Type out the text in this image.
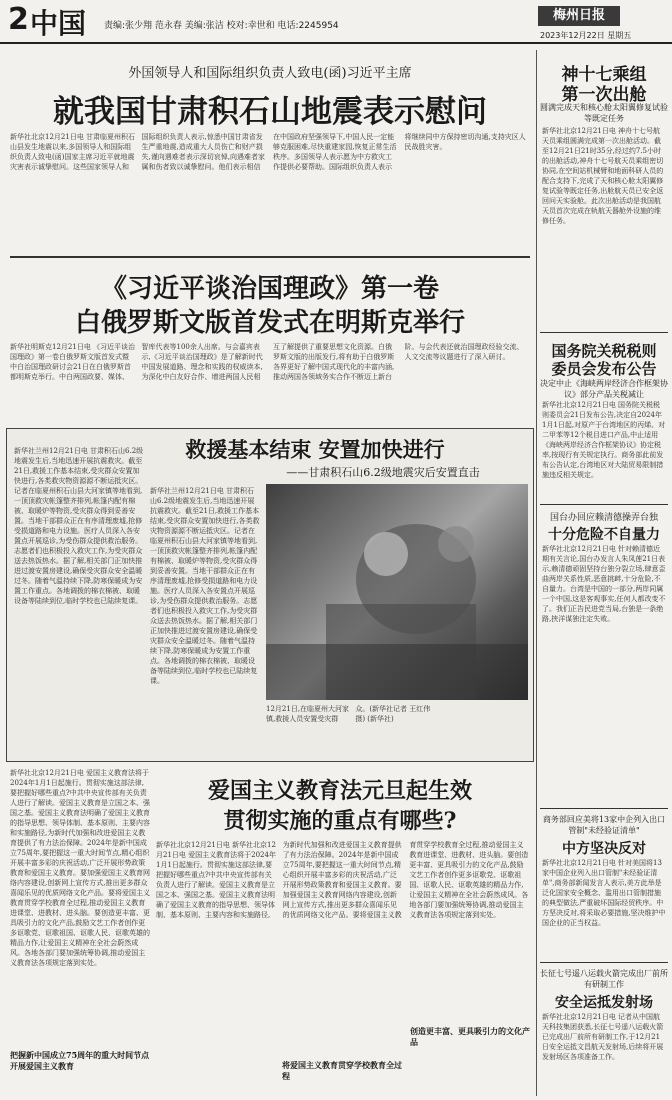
2 中国 责编:张少翔 范永春 美编:张洁 校对:幸世和 电话:2245954
梅州日报
2023年12月22日 星期五
外国领导人和国际组织负责人致电(函)习近平主席
就我国甘肃积石山地震表示慰问
新华社北京12月21日电 甘肃临夏州积石山县发生地震以来,多国领导人和国际组织负责人致电(函)国家主席习近平就地震灾害表示诚挚慰问。这些国家领导人和国际组织负责人表示,惊悉中国甘肃省发生严重地震,造成重大人员伤亡和财产损失,谨向遇难者表示深切哀悼,向遇难者家属和伤者致以诚挚慰问。他们表示相信在中国政府坚强领导下,中国人民一定能够克服困难,尽快重建家园,恢复正常生活秩序。多国领导人表示愿为中方救灾工作提供必要帮助。国际组织负责人表示将继续同中方保持密切沟通,支持灾区人民战胜灾害。
《习近平谈治国理政》第一卷
白俄罗斯文版首发式在明斯克举行
新华社明斯克12月21日电 《习近平谈治国理政》第一卷白俄罗斯文版首发式暨中白治国理政研讨会21日在白俄罗斯首都明斯克举行。中白两国政要、媒体、智库代表等100余人出席。与会嘉宾表示,《习近平谈治国理政》是了解新时代中国发展道路、理念和实践的权威读本,为深化中白友好合作、增进两国人民相互了解提供了重要思想文化资源。白俄罗斯文版的出版发行,将有助于白俄罗斯各界更好了解中国式现代化的丰富内涵,推动两国各领域务实合作不断迈上新台阶。与会代表还就治国理政经验交流、人文交流等议题进行了深入研讨。
救援基本结束 安置加快进行
——甘肃积石山6.2级地震灾后安置直击
新华社兰州12月21日电 甘肃积石山6.2级地震发生后,当地迅速开展抗震救灾。截至21日,救援工作基本结束,受灾群众安置加快进行,各类救灾物资源源不断运抵灾区。记者在临夏州积石山县大河家镇等地看到,一顶顶救灾帐篷整齐排列,帐篷内配有棉被、取暖炉等物资,受灾群众得到妥善安置。当地干部群众正在有序清理废墟,抢修受损道路和电力设施。医疗人员深入各安置点开展巡诊,为受伤群众提供救治服务。志愿者们也积极投入救灾工作,为受灾群众送去热饭热水。据了解,相关部门正加快推进过渡安置房建设,确保受灾群众安全温暖过冬。随着气温持续下降,防寒保暖成为安置工作重点。各地调拨的棉衣棉被、取暖设备等陆续到位,临时学校也已陆续复课。
新华社兰州12月21日电 甘肃积石山6.2级地震发生后,当地迅速开展抗震救灾。截至21日,救援工作基本结束,受灾群众安置加快进行,各类救灾物资源源不断运抵灾区。记者在临夏州积石山县大河家镇等地看到,一顶顶救灾帐篷整齐排列,帐篷内配有棉被、取暖炉等物资,受灾群众得到妥善安置。当地干部群众正在有序清理废墟,抢修受损道路和电力设施。医疗人员深入各安置点开展巡诊,为受伤群众提供救治服务。志愿者们也积极投入救灾工作,为受灾群众送去热饭热水。据了解,相关部门正加快推进过渡安置房建设,确保受灾群众安全温暖过冬。随着气温持续下降,防寒保暖成为安置工作重点。各地调拨的棉衣棉被、取暖设备等陆续到位,临时学校也已陆续复课。
12月21日,在临夏州大河家镇,救援人员安置受灾群众。(新华社记者 王红伟 摄) (新华社)
新华社北京12月21日电 爱国主义教育法将于2024年1月1日起施行。贯彻实施这部法律,要把握好哪些重点?中共中央宣传部有关负责人进行了解读。爱国主义教育是立国之本、强国之基。爱国主义教育法明确了爱国主义教育的指导思想、领导体制、基本原则、主要内容和实施路径,为新时代加强和改进爱国主义教育提供了有力法治保障。2024年是新中国成立75周年,要把握这一重大时间节点,精心组织开展丰富多彩的庆祝活动,广泛开展形势政策教育和爱国主义教育。要加强爱国主义教育网络内容建设,创新网上宣传方式,推出更多群众喜闻乐见的优质网络文化产品。要将爱国主义教育贯穿学校教育全过程,推动爱国主义教育进课堂、进教材、进头脑。要创造更丰富、更具吸引力的文化产品,鼓励文艺工作者创作更多讴歌党、讴歌祖国、讴歌人民、讴歌英雄的精品力作,让爱国主义精神在全社会蔚然成风。各地各部门要加强统筹协调,推动爱国主义教育法各项规定落到实处。
爱国主义教育法元旦起生效
贯彻实施的重点有哪些?
新华社北京12月21日电 新华社北京12月21日电 爱国主义教育法将于2024年1月1日起施行。贯彻实施这部法律,要把握好哪些重点?中共中央宣传部有关负责人进行了解读。爱国主义教育是立国之本、强国之基。爱国主义教育法明确了爱国主义教育的指导思想、领导体制、基本原则、主要内容和实施路径,为新时代加强和改进爱国主义教育提供了有力法治保障。2024年是新中国成立75周年,要把握这一重大时间节点,精心组织开展丰富多彩的庆祝活动,广泛开展形势政策教育和爱国主义教育。要加强爱国主义教育网络内容建设,创新网上宣传方式,推出更多群众喜闻乐见的优质网络文化产品。要将爱国主义教育贯穿学校教育全过程,推动爱国主义教育进课堂、进教材、进头脑。要创造更丰富、更具吸引力的文化产品,鼓励文艺工作者创作更多讴歌党、讴歌祖国、讴歌人民、讴歌英雄的精品力作,让爱国主义精神在全社会蔚然成风。各地各部门要加强统筹协调,推动爱国主义教育法各项规定落到实处。
把握新中国成立75周年的重大时间节点开展爱国主义教育	将爱国主义教育贯穿学校教育全过程
创造更丰富、更具吸引力的文化产品
神十七乘组
第一次出舱
圆满完成天和核心舱太阳翼修复试验等既定任务
新华社北京12月21日电 神舟十七号航天员乘组圆满完成第一次出舱活动。截至12月21日21时35分,经过约7.5小时的出舱活动,神舟十七号航天员乘组密切协同,在空间站机械臂和地面科研人员的配合支持下,完成了天和核心舱太阳翼修复试验等既定任务,出舱航天员已安全返回问天实验舱。此次出舱活动是我国航天员首次完成在轨航天器舱外设施的维修任务。
国务院关税税则
委员会发布公告
决定中止《海峡两岸经济合作框架协议》部分产品关税减让
新华社北京12月21日电 国务院关税税则委员会21日发布公告,决定自2024年1月1日起,对原产于台湾地区的丙烯、对二甲苯等12个税目进口产品,中止适用《海峡两岸经济合作框架协议》协定税率,按现行有关规定执行。商务部此前发布公告认定,台湾地区对大陆贸易限制措施违反相关规定。
国台办回应赖清德操弄台独
十分危险不自量力
新华社北京12月21日电 针对赖清德近期有关言论,国台办发言人朱凤莲21日表示,赖清德顽固坚持台独分裂立场,肆意歪曲两岸关系性质,恶意挑衅,十分危险,不自量力。台湾是中国的一部分,两岸同属一个中国,这是客观事实,任何人都改变不了。我们正告民进党当局,台独是一条绝路,挟洋谋独注定失败。
商务部回应美将13家中企列入出口管制"未经验证清单"
中方坚决反对
新华社北京12月21日电 针对美国将13家中国企业列入出口管制"未经验证清单",商务部新闻发言人表示,美方此举是泛化国家安全概念、滥用出口管制措施的典型做法,严重破坏国际经贸秩序。中方坚决反对,将采取必要措施,坚决维护中国企业的正当权益。
长征七号遥八运载火箭完成出厂前所有研制工作
安全运抵发射场
新华社北京12月21日电 记者从中国航天科技集团获悉,长征七号遥八运载火箭已完成出厂前所有研制工作,于12月21日安全运抵文昌航天发射场,后续将开展发射场区各项准备工作。
